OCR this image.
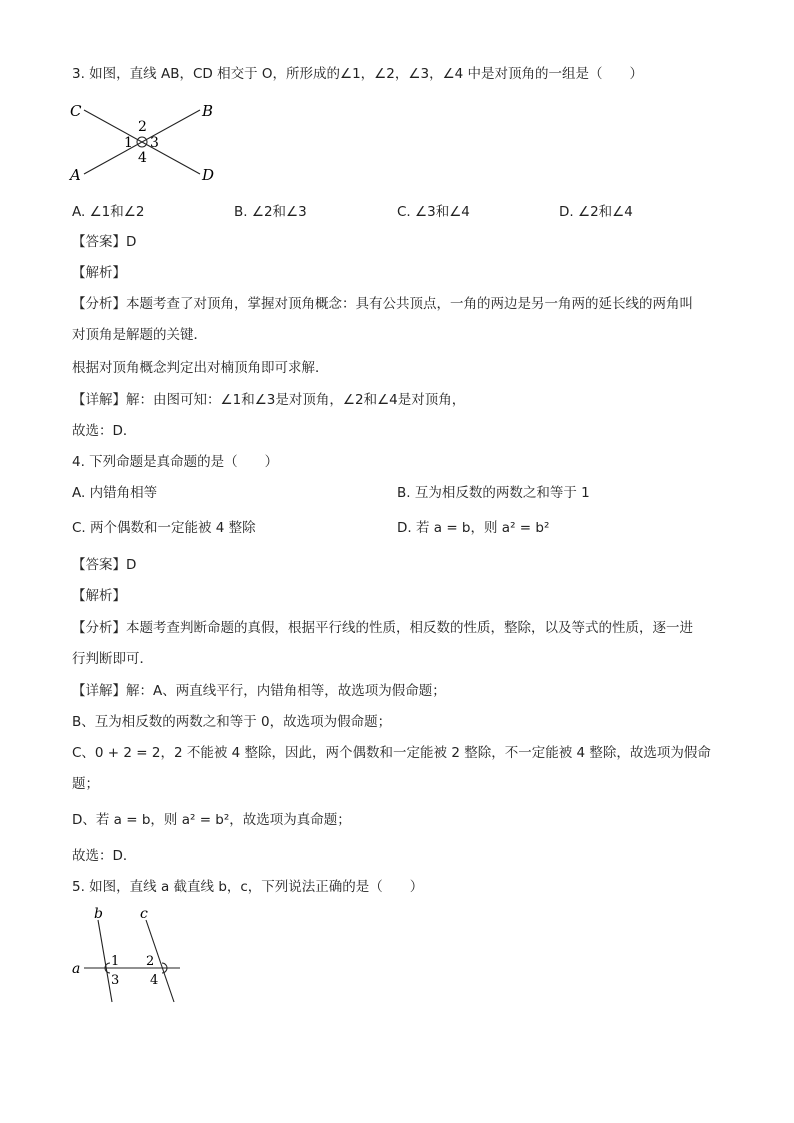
3. 如图，直线 AB，CD 相交于 O，所形成的∠1，∠2，∠3，∠4 中是对顶角的一组是（　　）
C	B
A	D
2
1 3
4
A. ∠1和∠2	B. ∠2和∠3	C. ∠3和∠4	D. ∠2和∠4
【答案】D
【解析】
【分析】本题考查了对顶角，掌握对顶角概念：具有公共顶点，一角的两边是另一角两的延长线的两角叫
对顶角是解题的关键．
根据对顶角概念判定出对楠顶角即可求解．
【详解】解：由图可知：∠1和∠3是对顶角，∠2和∠4是对顶角，
故选：D．
4. 下列命题是真命题的是（　　）
A. 内错角相等	B. 互为相反数的两数之和等于 1
C. 两个偶数和一定能被 4 整除	D. 若 a = b，则 a² = b²
【答案】D
【解析】
【分析】本题考查判断命题的真假，根据平行线的性质，相反数的性质，整除，以及等式的性质，逐一进
行判断即可．
【详解】解：A、两直线平行，内错角相等，故选项为假命题；
B、互为相反数的两数之和等于 0，故选项为假命题；
C、0 + 2 = 2，2 不能被 4 整除，因此，两个偶数和一定能被 2 整除，不一定能被 4 整除，故选项为假命
题；
D、若 a = b，则 a² = b²，故选项为真命题；
故选：D．
5. 如图，直线 a 截直线 b，c，下列说法正确的是（　　）
b	c
a 1
3
2
4
